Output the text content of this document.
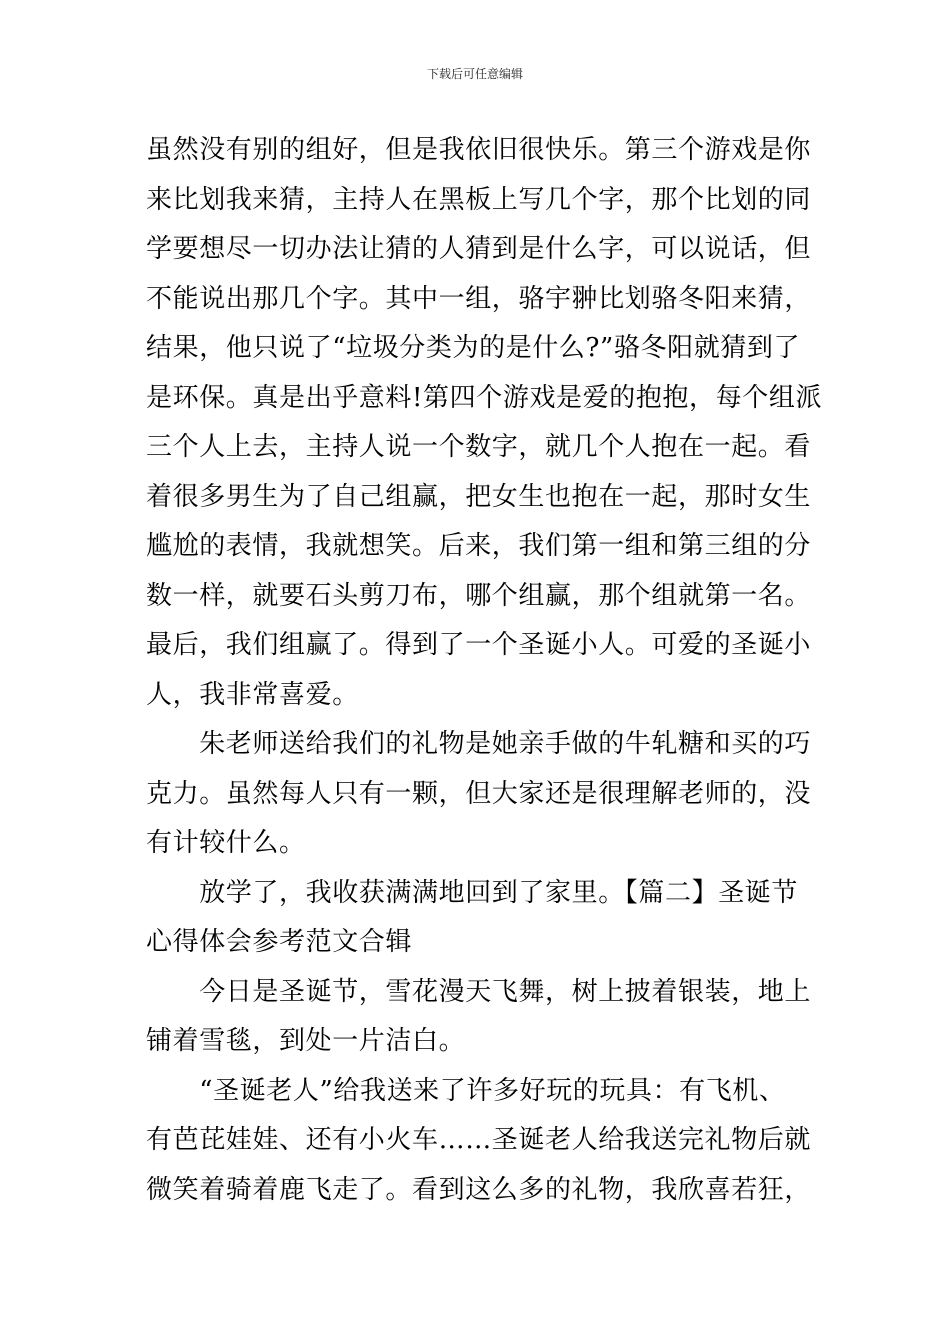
下载后可任意编辑
虽然没有别的组好，但是我依旧很快乐。第三个游戏是你
来比划我来猜，主持人在黑板上写几个字，那个比划的同
学要想尽一切办法让猜的人猜到是什么字，可以说话，但
不能说出那几个字。其中一组，骆宇翀比划骆冬阳来猜，
结果，他只说了“垃圾分类为的是什么?”骆冬阳就猜到了
是环保。真是出乎意料!第四个游戏是爱的抱抱，每个组派
三个人上去，主持人说一个数字，就几个人抱在一起。看
着很多男生为了自己组赢，把女生也抱在一起，那时女生
尴尬的表情，我就想笑。后来，我们第一组和第三组的分
数一样，就要石头剪刀布，哪个组赢，那个组就第一名。
最后，我们组赢了。得到了一个圣诞小人。可爱的圣诞小
人，我非常喜爱。
　　朱老师送给我们的礼物是她亲手做的牛轧糖和买的巧
克力。虽然每人只有一颗，但大家还是很理解老师的，没
有计较什么。
　　放学了，我收获满满地回到了家里。【篇二】圣诞节
心得体会参考范文合辑
　　今日是圣诞节，雪花漫天飞舞，树上披着银装，地上
铺着雪毯，到处一片洁白。
　　“圣诞老人”给我送来了许多好玩的玩具：有飞机、
有芭芘娃娃、还有小火车……圣诞老人给我送完礼物后就
微笑着骑着鹿飞走了。看到这么多的礼物，我欣喜若狂，
